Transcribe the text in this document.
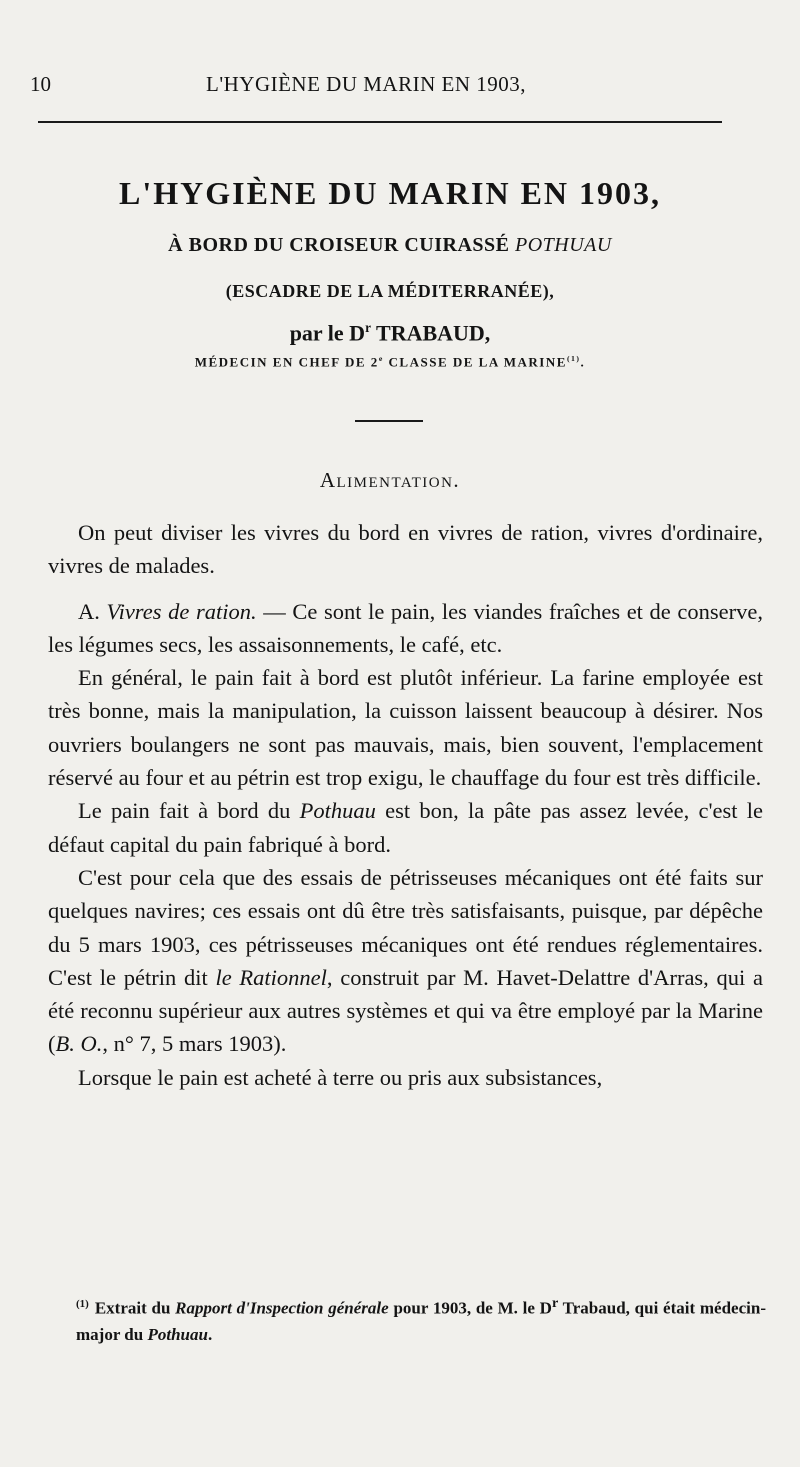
10	L'HYGIÈNE DU MARIN EN 1903,
L'HYGIÈNE DU MARIN EN 1903,
À BORD DU CROISEUR CUIRASSÉ POTHUAU
(ESCADRE DE LA MÉDITERRANÉE),
par le $D^r$ TRABAUD,
MÉDECIN EN CHEF DE 2e CLASSE DE LA MARINE$^{(1)}$.
Alimentation.

On peut diviser les vivres du bord en vivres de ration, vivres d'ordinaire, vivres de malades.

A. Vivres de ration. — Ce sont le pain, les viandes fraîches et de conserve, les légumes secs, les assaisonnements, le café, etc.

En général, le pain fait à bord est plutôt inférieur. La farine employée est très bonne, mais la manipulation, la cuisson laissent beaucoup à désirer. Nos ouvriers boulangers ne sont pas mauvais, mais, bien souvent, l'emplacement réservé au four et au pétrin est trop exigu, le chauffage du four est très difficile.

Le pain fait à bord du Pothuau est bon, la pâte pas assez levée, c'est le défaut capital du pain fabriqué à bord.

C'est pour cela que des essais de pétrisseuses mécaniques ont été faits sur quelques navires; ces essais ont dû être très satisfaisants, puisque, par dépêche du 5 mars 1903, ces pétrisseuses mécaniques ont été rendues réglementaires. C'est le pétrin dit le Rationnel, construit par M. Havet-Delattre d'Arras, qui a été reconnu supérieur aux autres systèmes et qui va être employé par la Marine (B. O., n° 7, 5 mars 1903).

Lorsque le pain est acheté à terre ou pris aux subsistances,

$^{(1)}$ Extrait du Rapport d'Inspection générale pour 1903, de M. le $D^r$ Trabaud, qui était médecin-major du Pothuau.
